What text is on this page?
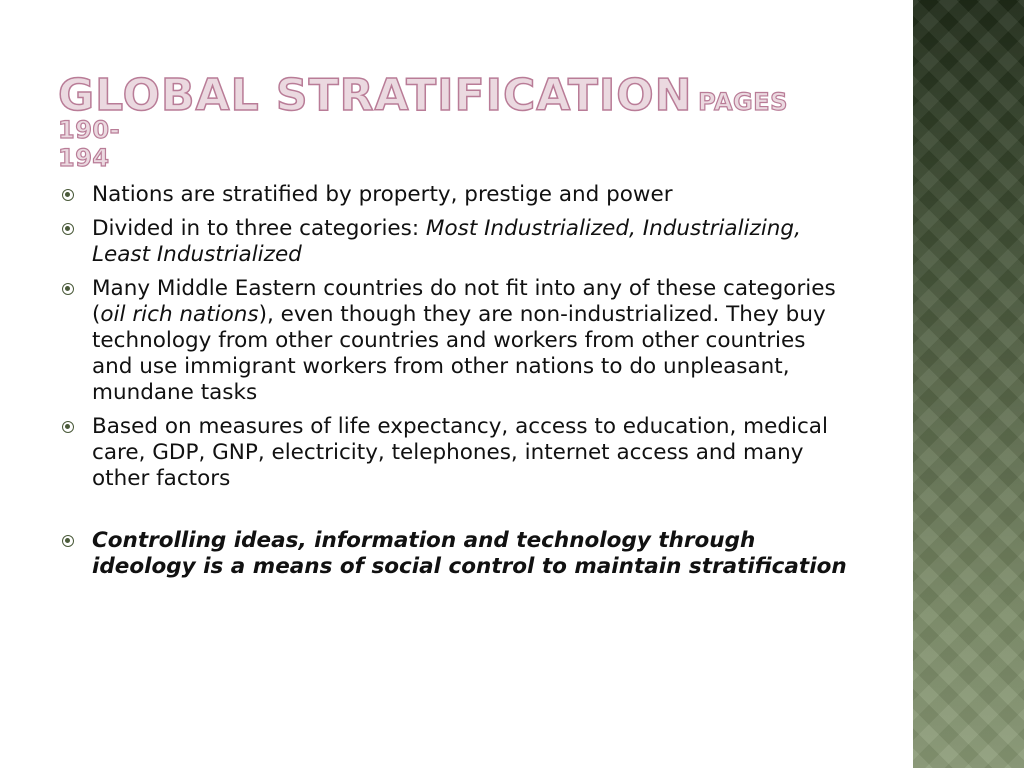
GLOBAL STRATIFICATION PAGES 190-
194
Nations are stratified by property, prestige and power
Divided in to three categories: Most Industrialized, Industrializing, Least Industrialized
Many Middle Eastern countries do not fit into any of these categories (oil rich nations), even though they are non-industrialized. They buy technology from other countries and workers from other countries and use immigrant workers from other nations to do unpleasant, mundane tasks
Based on measures of life expectancy, access to education, medical care, GDP, GNP, electricity, telephones, internet access and many other factors
Controlling ideas, information and technology through ideology is a means of social control to maintain stratification
